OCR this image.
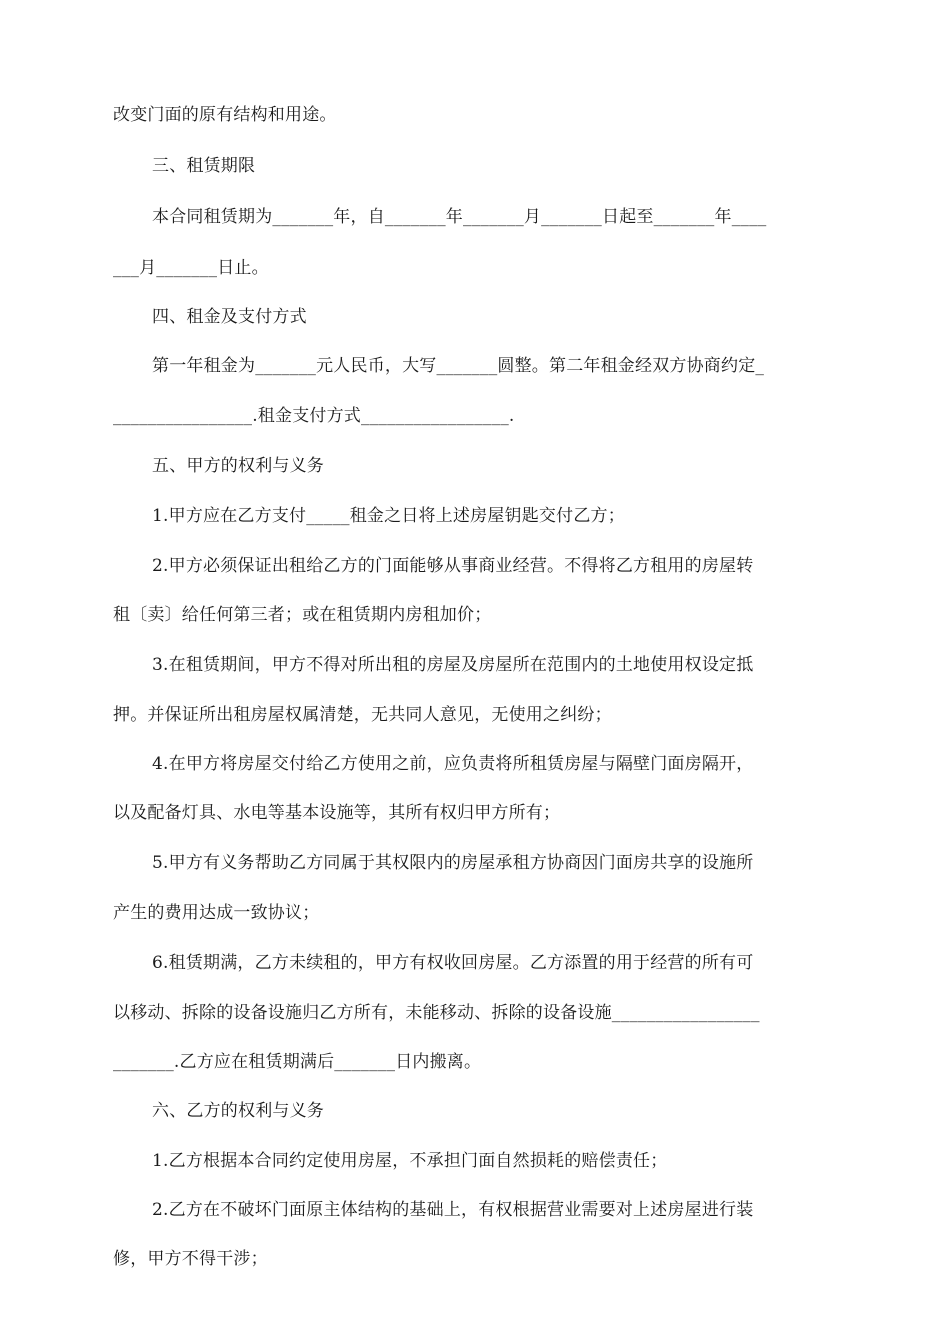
改变门面的原有结构和用途。
三、租赁期限
本合同租赁期为_______年，自_______年_______月_______日起至_______年____
___月_______日止。
四、租金及支付方式
第一年租金为_______元人民币，大写_______圆整。第二年租金经双方协商约定_
________________.租金支付方式_________________.
五、甲方的权利与义务
1.甲方应在乙方支付_____租金之日将上述房屋钥匙交付乙方；
2.甲方必须保证出租给乙方的门面能够从事商业经营。不得将乙方租用的房屋转
租〔卖〕给任何第三者；或在租赁期内房租加价；
3.在租赁期间，甲方不得对所出租的房屋及房屋所在范围内的土地使用权设定抵
押。并保证所出租房屋权属清楚，无共同人意见，无使用之纠纷；
4.在甲方将房屋交付给乙方使用之前，应负责将所租赁房屋与隔壁门面房隔开，
以及配备灯具、水电等基本设施等，其所有权归甲方所有；
5.甲方有义务帮助乙方同属于其权限内的房屋承租方协商因门面房共享的设施所
产生的费用达成一致协议；
6.租赁期满，乙方未续租的，甲方有权收回房屋。乙方添置的用于经营的所有可
以移动、拆除的设备设施归乙方所有，未能移动、拆除的设备设施_________________
_______.乙方应在租赁期满后_______日内搬离。
六、乙方的权利与义务
1.乙方根据本合同约定使用房屋，不承担门面自然损耗的赔偿责任；
2.乙方在不破坏门面原主体结构的基础上，有权根据营业需要对上述房屋进行装
修，甲方不得干涉；
